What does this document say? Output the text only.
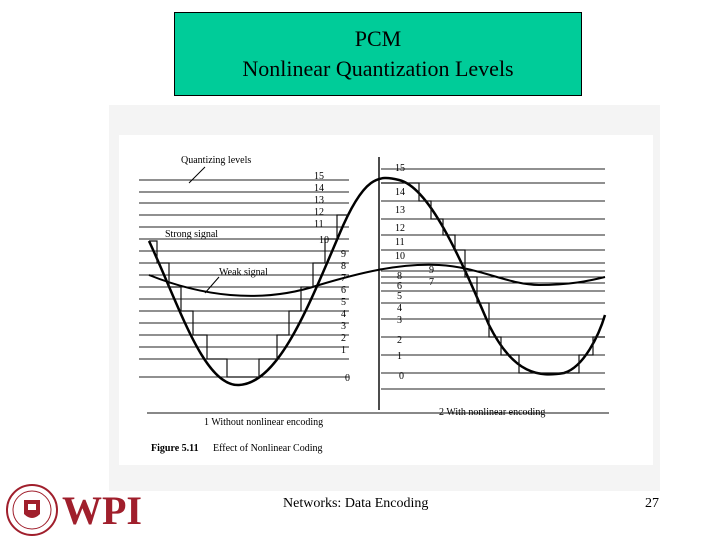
PCM
Nonlinear Quantization Levels
15
14
13
12
11
10
9
8
7
6
5
4
3
2
1
0
15
14
13
12
11
10
9
8
7
6
5
4
3
2
1
0
Quantizing levels
Strong signal
Weak signal
1 Without nonlinear encoding
2 With nonlinear encoding
Figure 5.11 Effect of Nonlinear Coding
WPI	Networks: Data Encoding	27
